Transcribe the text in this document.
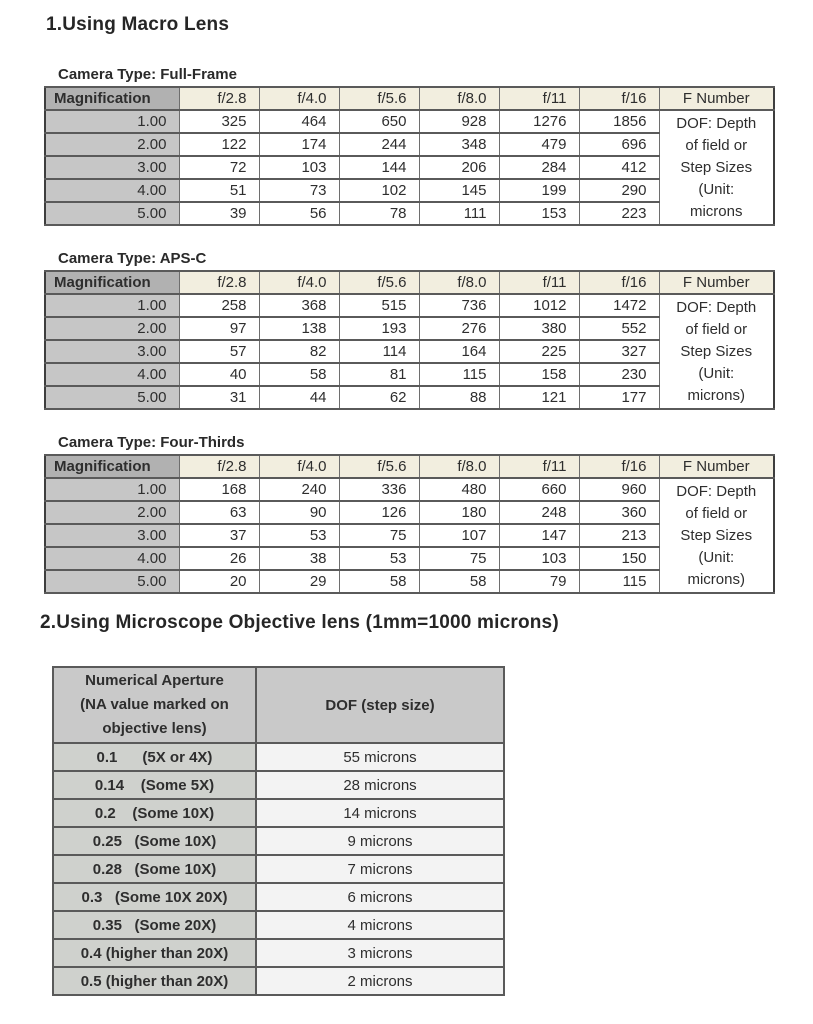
1.Using Macro Lens
Camera Type: Full-Frame
Magnification	f/2.8	f/4.0	f/5.6	f/8.0	f/11	f/16	F Number
1.00	325	464	650	928	1276	1856	DOF: Depth
of field or
Step Sizes
(Unit:
microns

2.00	122	174	244	348	479	696	
3.00	72	103	144	206	284	412	
4.00	51	73	102	145	199	290	
5.00	39	56	78	111	153	223	
Camera Type: APS-C
Magnification	f/2.8	f/4.0	f/5.6	f/8.0	f/11	f/16	F Number
1.00	258	368	515	736	1012	1472	DOF: Depth
of field or
Step Sizes
(Unit:
microns)

2.00	97	138	193	276	380	552	
3.00	57	82	114	164	225	327	
4.00	40	58	81	115	158	230	
5.00	31	44	62	88	121	177	
Camera Type: Four-Thirds
Magnification	f/2.8	f/4.0	f/5.6	f/8.0	f/11	f/16	F Number
1.00	168	240	336	480	660	960	DOF: Depth
of field or
Step Sizes
(Unit:
microns)

2.00	63	90	126	180	248	360	
3.00	37	53	75	107	147	213	
4.00	26	38	53	75	103	150	
5.00	20	29	58	58	79	115	
2.Using Microscope Objective lens (1mm=1000 microns)
Numerical Aperture
(NA value marked on
objective lens)	DOF (step size)
0.1      (5X or 4X)	55 microns
0.14    (Some 5X)	28 microns
0.2    (Some 10X)	14 microns
0.25   (Some 10X)	9 microns
0.28   (Some 10X)	7 microns
0.3   (Some 10X 20X)	6 microns
0.35   (Some 20X)	4 microns
0.4 (higher than 20X)	3 microns
0.5 (higher than 20X)	2 microns
